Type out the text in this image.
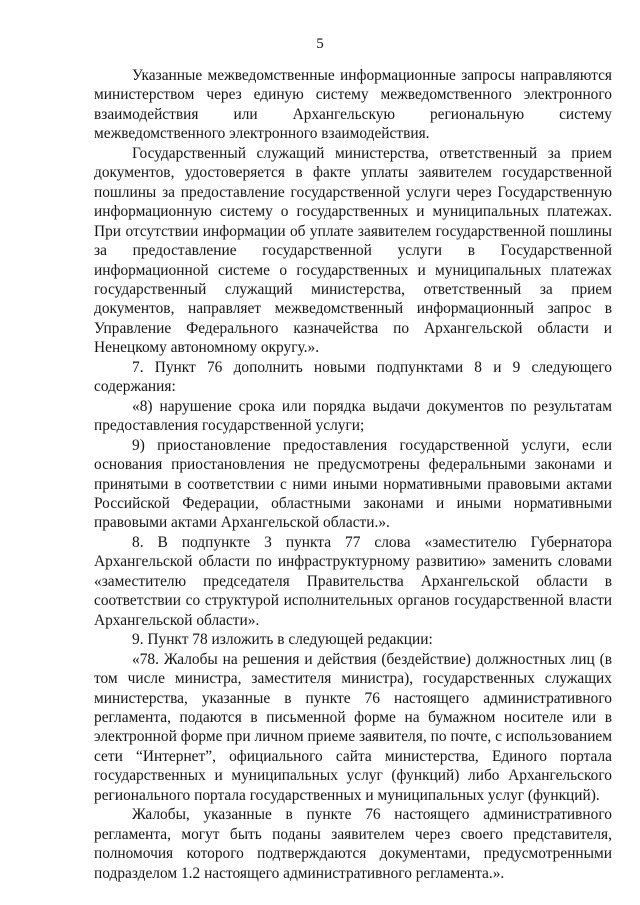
5

Указанные межведомственные информационные запросы направляются министерством через единую систему межведомственного электронного взаимодействия или Архангельскую региональную систему межведомственного электронного взаимодействия.

Государственный служащий министерства, ответственный за прием документов, удостоверяется в факте уплаты заявителем государственной пошлины за предоставление государственной услуги через Государственную информационную систему о государственных и муниципальных платежах. При отсутствии информации об уплате заявителем государственной пошлины за предоставление государственной услуги в Государственной информационной системе о государственных и муниципальных платежах государственный служащий министерства, ответственный за прием документов, направляет межведомственный информационный запрос в Управление Федерального казначейства по Архангельской области и Ненецкому автономному округу.».

7. Пункт 76 дополнить новыми подпунктами 8 и 9 следующего содержания:

«8) нарушение срока или порядка выдачи документов по результатам предоставления государственной услуги;

9) приостановление предоставления государственной услуги, если основания приостановления не предусмотрены федеральными законами и принятыми в соответствии с ними иными нормативными правовыми актами Российской Федерации, областными законами и иными нормативными правовыми актами Архангельской области.».

8. В подпункте 3 пункта 77 слова «заместителю Губернатора Архангельской области по инфраструктурному развитию» заменить словами «заместителю председателя Правительства Архангельской области в соответствии со структурой исполнительных органов государственной власти Архангельской области».

9. Пункт 78 изложить в следующей редакции:

«78. Жалобы на решения и действия (бездействие) должностных лиц (в том числе министра, заместителя министра), государственных служащих министерства, указанные в пункте 76 настоящего административного регламента, подаются в письменной форме на бумажном носителе или в электронной форме при личном приеме заявителя, по почте, с использованием сети “Интернет”, официального сайта министерства, Единого портала государственных и муниципальных услуг (функций) либо Архангельского регионального портала государственных и муниципальных услуг (функций).

Жалобы, указанные в пункте 76 настоящего административного регламента, могут быть поданы заявителем через своего представителя, полномочия которого подтверждаются документами, предусмотренными подразделом 1.2 настоящего административного регламента.».
